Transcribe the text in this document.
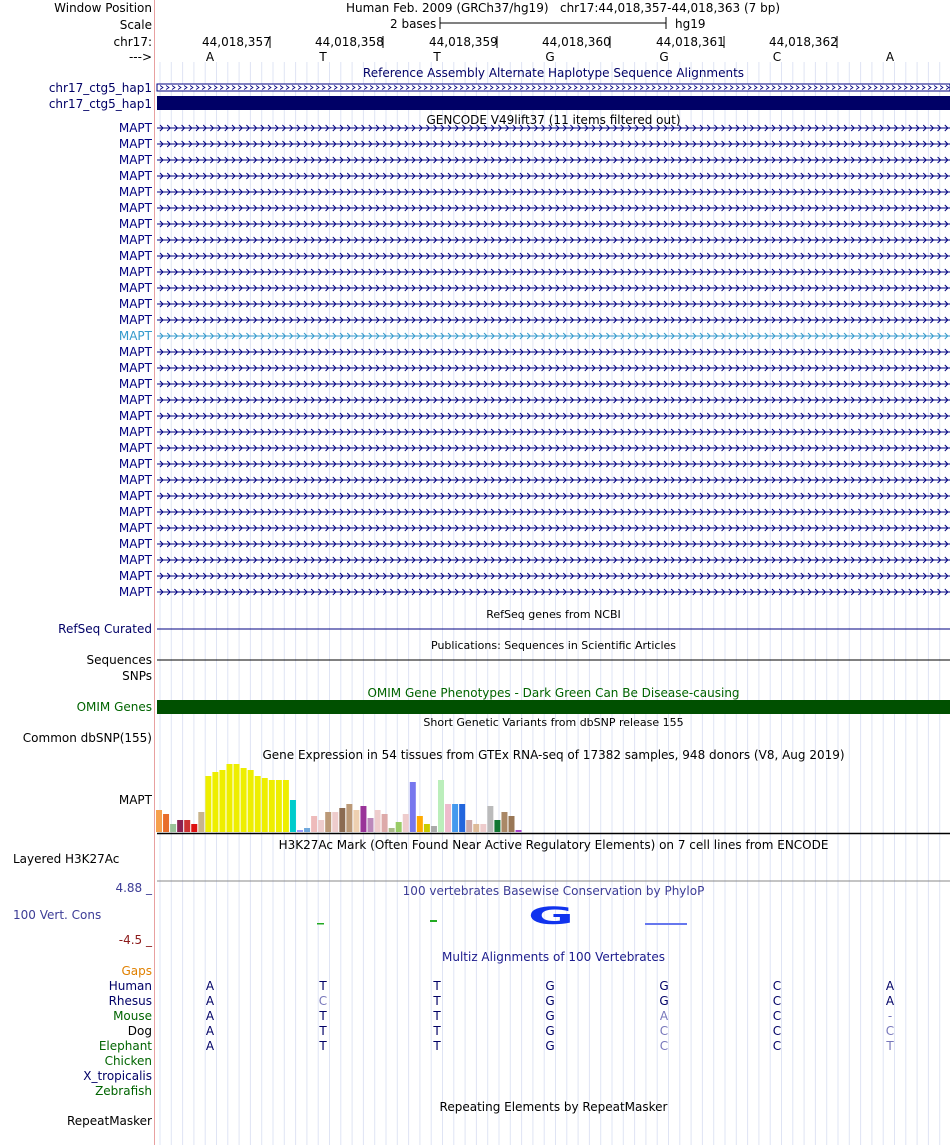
G
Window Position
Scale
chr17:
--->
Human Feb. 2009 (GRCh37/hg19) chr17:44,018,357-44,018,363 (7 bp)
2 bases	hg19
44,018,357	44,018,358	44,018,359	44,018,360	44,018,361	44,018,362
A	T	T	G	G	C	A
Reference Assembly Alternate Haplotype Sequence Alignments
chr17_ctg5_hap1
chr17_ctg5_hap1
GENCODE V49lift37 (11 items filtered out)
MAPT
MAPT
MAPT
MAPT
MAPT
MAPT
MAPT
MAPT
MAPT
MAPT
MAPT
MAPT
MAPT
MAPT
MAPT
MAPT
MAPT
MAPT
MAPT
MAPT
MAPT
MAPT
MAPT
MAPT
MAPT
MAPT
MAPT
MAPT
MAPT
MAPT
RefSeq genes from NCBI
RefSeq Curated
Publications: Sequences in Scientific Articles
Sequences
SNPs
OMIM Gene Phenotypes - Dark Green Can Be Disease-causing
OMIM Genes
Short Genetic Variants from dbSNP release 155
Common dbSNP(155)
Gene Expression in 54 tissues from GTEx RNA-seq of 17382 samples, 948 donors (V8, Aug 2019)
MAPT
H3K27Ac Mark (Often Found Near Active Regulatory Elements) on 7 cell lines from ENCODE
Layered H3K27Ac
100 vertebrates Basewise Conservation by PhyloP
4.88 _
100 Vert. Cons
-4.5 _
Multiz Alignments of 100 Vertebrates
Gaps
Human	A	T	T	G	G	C	A
Rhesus	A	C	T	G	G	C	A
Mouse	A	T	T	G	A	C	-
Dog	A	T	T	G	C	C	C
Elephant	A	T	T	G	C	C	T
Chicken
X_tropicalis
Zebrafish
Repeating Elements by RepeatMasker
RepeatMasker
